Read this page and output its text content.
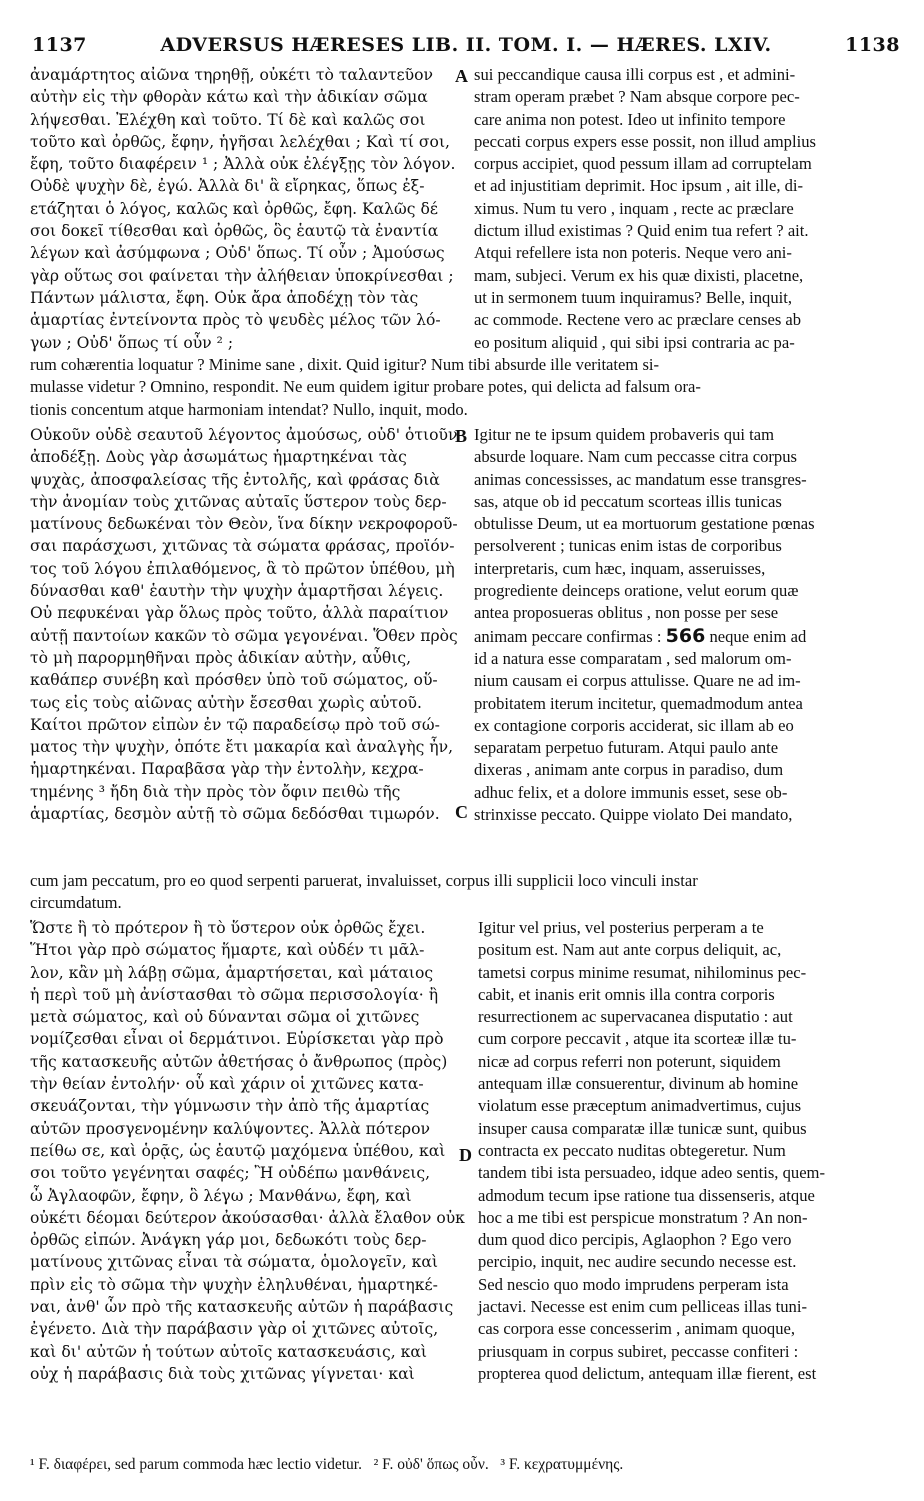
1137	ADVERSUS HÆRESES LIB. II. TOM. I. — HÆRES. LXIV.	1138
ἀναμάρτητος αἰῶνα τηρηθῇ, οὐκέτι τὸ ταλαντεῦον
αὐτὴν εἰς τὴν φθορὰν κάτω καὶ τὴν ἀδικίαν σῶμα
λήψεσθαι. Ἐλέχθη καὶ τοῦτο. Τί δὲ καὶ καλῶς σοι
τοῦτο καὶ ὀρθῶς, ἔφην, ἡγῆσαι λελέχθαι ; Καὶ τί σοι,
ἔφη, τοῦτο διαφέρειν ¹ ; Ἀλλὰ οὐκ ἐλέγξῃς τὸν λόγον.
Οὐδὲ ψυχὴν δὲ, ἐγώ. Ἀλλὰ δι' ἃ εἴρηκας, ὅπως ἐξ-
ετάζηται ὁ λόγος, καλῶς καὶ ὀρθῶς, ἔφη. Καλῶς δέ
σοι δοκεῖ τίθεσθαι καὶ ὀρθῶς, ὃς ἑαυτῷ τὰ ἐναντία
λέγων καὶ ἀσύμφωνα ; Οὐδ' ὅπως. Τί οὖν ; Ἀμούσως
γὰρ οὕτως σοι φαίνεται τὴν ἀλήθειαν ὑποκρίνεσθαι ;
Πάντων μάλιστα, ἔφη. Οὐκ ἄρα ἀποδέχῃ τὸν τὰς
ἁμαρτίας ἐντείνοντα πρὸς τὸ ψευδὲς μέλος τῶν λό-
γων ; Οὐδ' ὅπως τί οὖν ² ;
A sui peccandique causa illi corpus est , et admini-
stram operam præbet ? Nam absque corpore pec-
care anima non potest. Ideo ut infinito tempore
peccati corpus expers esse possit, non illud amplius
corpus accipiet, quod pessum illam ad corruptelam
et ad injustitiam deprimit. Hoc ipsum , ait ille, di-
ximus. Num tu vero , inquam , recte ac præclare
dictum illud existimas ? Quid enim tua refert ? ait.
Atqui refellere ista non poteris. Neque vero ani-
mam, subjeci. Verum ex his quæ dixisti, placetne,
ut in sermonem tuum inquiramus? Belle, inquit,
ac commode. Rectene vero ac præclare censes ab
eo positum aliquid , qui sibi ipsi contraria ac pa-
rum cohærentia loquatur ? Minime sane , dixit. Quid igitur? Num tibi absurde ille veritatem si-
mulasse videtur ? Omnino, respondit. Ne eum quidem igitur probare potes, qui delicta ad falsum ora-
tionis concentum atque harmoniam intendat? Nullo, inquit, modo.
Οὐκοῦν οὐδὲ σεαυτοῦ λέγοντος ἀμούσως, οὐδ' ὁτιοῦν
ἀποδέξῃ. Δοὺς γὰρ ἀσωμάτως ἡμαρτηκέναι τὰς
ψυχὰς, ἀποσφαλείσας τῆς ἐντολῆς, καὶ φράσας διὰ
τὴν ἀνομίαν τοὺς χιτῶνας αὐταῖς ὕστερον τοὺς δερ-
ματίνους δεδωκέναι τὸν Θεὸν, ἵνα δίκην νεκροφοροῦ-
σαι παράσχωσι, χιτῶνας τὰ σώματα φράσας, προϊόν-
τος τοῦ λόγου ἐπιλαθόμενος, ἃ τὸ πρῶτον ὑπέθου, μὴ
δύνασθαι καθ' ἑαυτὴν τὴν ψυχὴν ἁμαρτῆσαι λέγεις.
Οὐ πεφυκέναι γὰρ ὅλως πρὸς τοῦτο, ἀλλὰ παραίτιον
αὐτῇ παντοίων κακῶν τὸ σῶμα γεγονέναι. Ὅθεν πρὸς
τὸ μὴ παρορμηθῆναι πρὸς ἀδικίαν αὐτὴν, αὖθις,
καθάπερ συνέβη καὶ πρόσθεν ὑπὸ τοῦ σώματος, οὕ-
τως εἰς τοὺς αἰῶνας αὐτὴν ἔσεσθαι χωρὶς αὐτοῦ.
Καίτοι πρῶτον εἰπὼν ἐν τῷ παραδείσῳ πρὸ τοῦ σώ-
ματος τὴν ψυχὴν, ὁπότε ἔτι μακαρία καὶ ἀναλγὴς ἦν,
ἡμαρτηκέναι. Παραβᾶσα γὰρ τὴν ἐντολὴν, κεχρα-
τημένης ³ ἤδη διὰ τὴν πρὸς τὸν ὄφιν πειθὼ τῆς
ἁμαρτίας, δεσμὸν αὐτῇ τὸ σῶμα δεδόσθαι τιμωρόν.
B
C
Igitur ne te ipsum quidem probaveris qui tam
absurde loquare. Nam cum peccasse citra corpus
animas concessisses, ac mandatum esse transgres-
sas, atque ob id peccatum scorteas illis tunicas
obtulisse Deum, ut ea mortuorum gestatione pœnas
persolverent ; tunicas enim istas de corporibus
interpretaris, cum hæc, inquam, asseruisses,
progrediente deinceps oratione, velut eorum quæ
antea proposueras oblitus , non posse per sese
animam peccare confirmas : 566 neque enim ad
id a natura esse comparatam , sed malorum om-
nium causam ei corpus attulisse. Quare ne ad im-
probitatem iterum incitetur, quemadmodum antea
ex contagione corporis acciderat, sic illam ab eo
separatam perpetuo futuram. Atqui paulo ante
dixeras , animam ante corpus in paradiso, dum
adhuc felix, et a dolore immunis esset, sese ob-
strinxisse peccato. Quippe violato Dei mandato,
cum jam peccatum, pro eo quod serpenti paruerat, invaluisset, corpus illi supplicii loco vinculi instar
circumdatum.
Ὥστε ἢ τὸ πρότερον ἢ τὸ ὕστερον οὐκ ὀρθῶς ἔχει.
Ἥτοι γὰρ πρὸ σώματος ἥμαρτε, καὶ οὐδέν τι μᾶλ-
λον, κἂν μὴ λάβῃ σῶμα, ἁμαρτήσεται, καὶ μάταιος
ἡ περὶ τοῦ μὴ ἀνίστασθαι τὸ σῶμα περισσολογία· ἢ
μετὰ σώματος, καὶ οὐ δύνανται σῶμα οἱ χιτῶνες
νομίζεσθαι εἶναι οἱ δερμάτινοι. Εὑρίσκεται γὰρ πρὸ
τῆς κατασκευῆς αὐτῶν ἀθετήσας ὁ ἄνθρωπος (πρὸς)
τὴν θείαν ἐντολήν· οὗ καὶ χάριν οἱ χιτῶνες κατα-
σκευάζονται, τὴν γύμνωσιν τὴν ἀπὸ τῆς ἁμαρτίας
αὐτῶν προσγενομένην καλύψοντες. Ἀλλὰ πότερον
πείθω σε, καὶ ὁρᾷς, ὡς ἑαυτῷ μαχόμενα ὑπέθου, καὶ
σοι τοῦτο γεγένηται σαφές; Ἢ οὐδέπω μανθάνεις,
ὦ Ἀγλαοφῶν, ἔφην, ὃ λέγω ; Μανθάνω, ἔφη, καὶ
οὐκέτι δέομαι δεύτερον ἀκούσασθαι· ἀλλὰ ἔλαθον οὐκ
ὀρθῶς εἰπών. Ἀνάγκη γάρ μοι, δεδωκότι τοὺς δερ-
ματίνους χιτῶνας εἶναι τὰ σώματα, ὁμολογεῖν, καὶ
πρὶν εἰς τὸ σῶμα τὴν ψυχὴν ἐληλυθέναι, ἡμαρτηκέ-
ναι, ἀνθ' ὧν πρὸ τῆς κατασκευῆς αὐτῶν ἡ παράβασις
ἐγένετο. Διὰ τὴν παράβασιν γὰρ οἱ χιτῶνες αὐτοῖς,
καὶ δι' αὐτῶν ἡ τούτων αὐτοῖς κατασκευάσις, καὶ
οὐχ ἡ παράβασις διὰ τοὺς χιτῶνας γίγνεται· καὶ
D
Igitur vel prius, vel posterius perperam a te
positum est. Nam aut ante corpus deliquit, ac,
tametsi corpus minime resumat, nihilominus pec-
cabit, et inanis erit omnis illa contra corporis
resurrectionem ac supervacanea disputatio : aut
cum corpore peccavit , atque ita scorteæ illæ tu-
nicæ ad corpus referri non poterunt, siquidem
antequam illæ consuerentur, divinum ab homine
violatum esse præceptum animadvertimus, cujus
insuper causa comparatæ illæ tunicæ sunt, quibus
contracta ex peccato nuditas obtegeretur. Num
tandem tibi ista persuadeo, idque adeo sentis, quem-
admodum tecum ipse ratione tua dissenseris, atque
hoc a me tibi est perspicue monstratum ? An non-
dum quod dico percipis, Aglaophon ? Ego vero
percipio, inquit, nec audire secundo necesse est.
Sed nescio quo modo imprudens perperam ista
jactavi. Necesse est enim cum pelliceas illas tuni-
cas corpora esse concesserim , animam quoque,
priusquam in corpus subiret, peccasse confiteri :
propterea quod delictum, antequam illæ fierent, est
¹ F. διαφέρει, sed parum commoda hæc lectio videtur.   ² F. οὐδ' ὅπως οὖν.   ³ F. κεχρατυμμένης.
